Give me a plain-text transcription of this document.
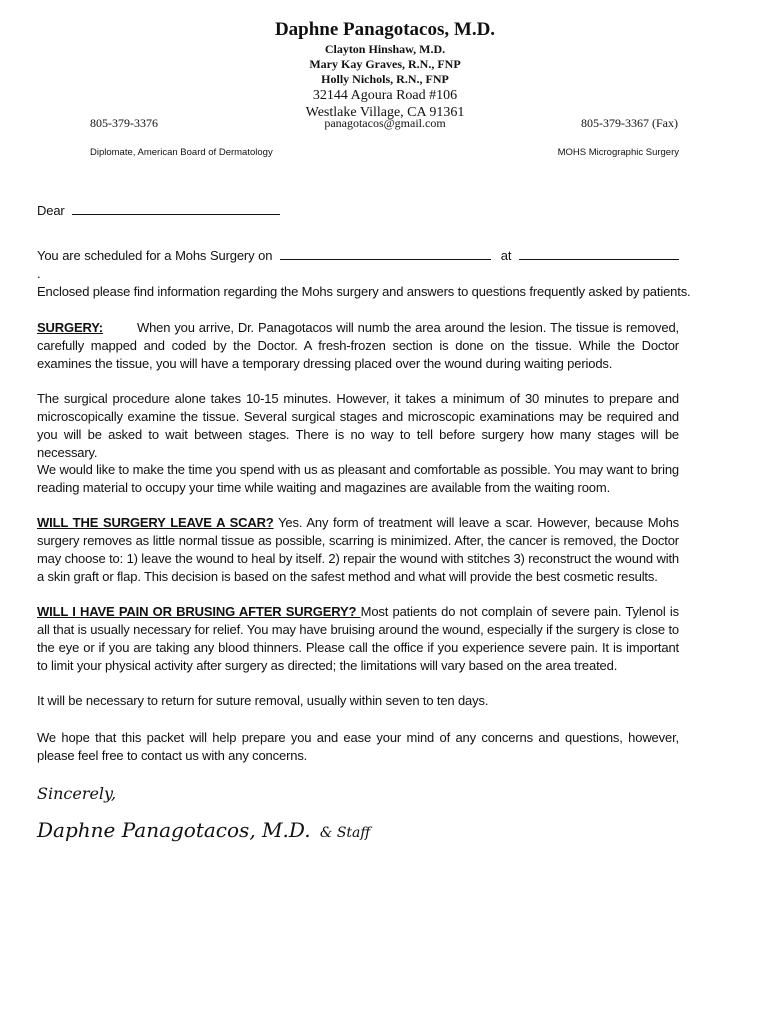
Daphne Panagotacos, M.D.
Clayton Hinshaw, M.D.
Mary Kay Graves, R.N., FNP
Holly Nichols, R.N., FNP
32144 Agoura Road #106
Westlake Village, CA 91361
805-379-3376	panagotacos@gmail.com	805-379-3367 (Fax)
Diplomate, American Board of Dermatology	MOHS Micrographic Surgery
Dear
You are scheduled for a Mohs Surgery on	at .
Enclosed please find information regarding the Mohs surgery and answers to questions frequently asked by patients.
SURGERY:	When you arrive, Dr. Panagotacos will numb the area around the lesion. The tissue is removed, carefully mapped and coded by the Doctor. A fresh-frozen section is done on the tissue. While the Doctor examines the tissue, you will have a temporary dressing placed over the wound during waiting periods.
The surgical procedure alone takes 10-15 minutes. However, it takes a minimum of 30 minutes to prepare and microscopically examine the tissue. Several surgical stages and microscopic examinations may be required and you will be asked to wait between stages. There is no way to tell before surgery how many stages will be necessary.
We would like to make the time you spend with us as pleasant and comfortable as possible. You may want to bring reading material to occupy your time while waiting and magazines are available from the waiting room.
WILL THE SURGERY LEAVE A SCAR? Yes. Any form of treatment will leave a scar. However, because Mohs surgery removes as little normal tissue as possible, scarring is minimized. After, the cancer is removed, the Doctor may choose to: 1) leave the wound to heal by itself. 2) repair the wound with stitches 3) reconstruct the wound with a skin graft or flap. This decision is based on the safest method and what will provide the best cosmetic results.
WILL I HAVE PAIN OR BRUSING AFTER SURGERY? Most patients do not complain of severe pain. Tylenol is all that is usually necessary for relief. You may have bruising around the wound, especially if the surgery is close to the eye or if you are taking any blood thinners. Please call the office if you experience severe pain. It is important to limit your physical activity after surgery as directed; the limitations will vary based on the area treated.
It will be necessary to return for suture removal, usually within seven to ten days.
We hope that this packet will help prepare you and ease your mind of any concerns and questions, however, please feel free to contact us with any concerns.
Sincerely,
Daphne Panagotacos, M.D. & Staff
